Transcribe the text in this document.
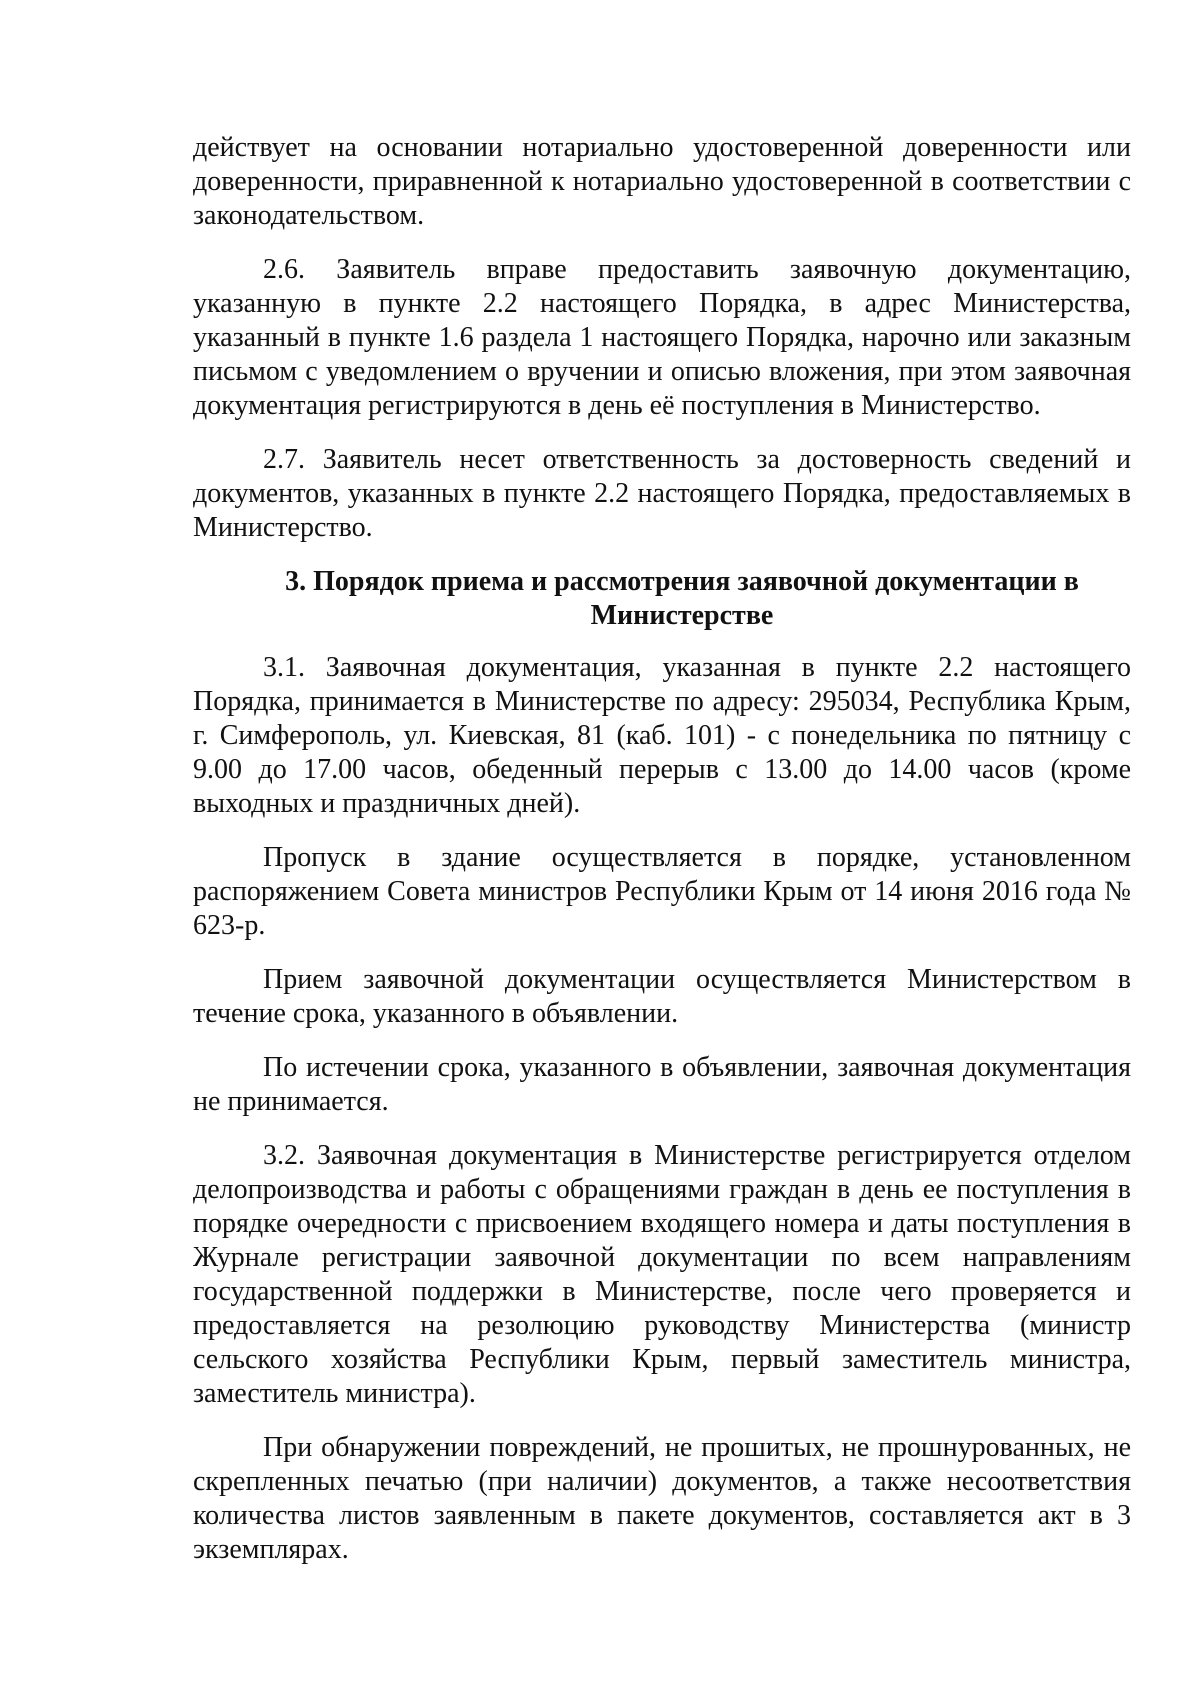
действует на основании нотариально удостоверенной доверенности или доверенности, приравненной к нотариально удостоверенной в соответствии с законодательством.

2.6. Заявитель вправе предоставить заявочную документацию, указанную в пункте 2.2 настоящего Порядка, в адрес Министерства, указанный в пункте 1.6 раздела 1 настоящего Порядка, нарочно или заказным письмом с уведомлением о вручении и описью вложения, при этом заявочная документация регистрируются в день её поступления в Министерство.

2.7. Заявитель несет ответственность за достоверность сведений и документов, указанных в пункте 2.2 настоящего Порядка, предоставляемых в Министерство.

3. Порядок приема и рассмотрения заявочной документации в
Министерстве

3.1. Заявочная документация, указанная в пункте 2.2 настоящего Порядка, принимается в Министерстве по адресу: 295034, Республика Крым, г. Симферополь, ул. Киевская, 81 (каб. 101) - с понедельника по пятницу с 9.00 до 17.00 часов, обеденный перерыв с 13.00 до 14.00 часов (кроме выходных и праздничных дней).

Пропуск в здание осуществляется в порядке, установленном распоряжением Совета министров Республики Крым от 14 июня 2016 года № 623-р.

Прием заявочной документации осуществляется Министерством в течение срока, указанного в объявлении.

По истечении срока, указанного в объявлении, заявочная документация не принимается.

3.2. Заявочная документация в Министерстве регистрируется отделом делопроизводства и работы с обращениями граждан в день ее поступления в порядке очередности с присвоением входящего номера и даты поступления в Журнале регистрации заявочной документации по всем направлениям государственной поддержки в Министерстве, после чего проверяется и предоставляется на резолюцию руководству Министерства (министр сельского хозяйства Республики Крым, первый заместитель министра, заместитель министра).

При обнаружении повреждений, не прошитых, не прошнурованных, не скрепленных печатью (при наличии) документов, а также несоответствия количества листов заявленным в пакете документов, составляется акт в 3 экземплярах.
